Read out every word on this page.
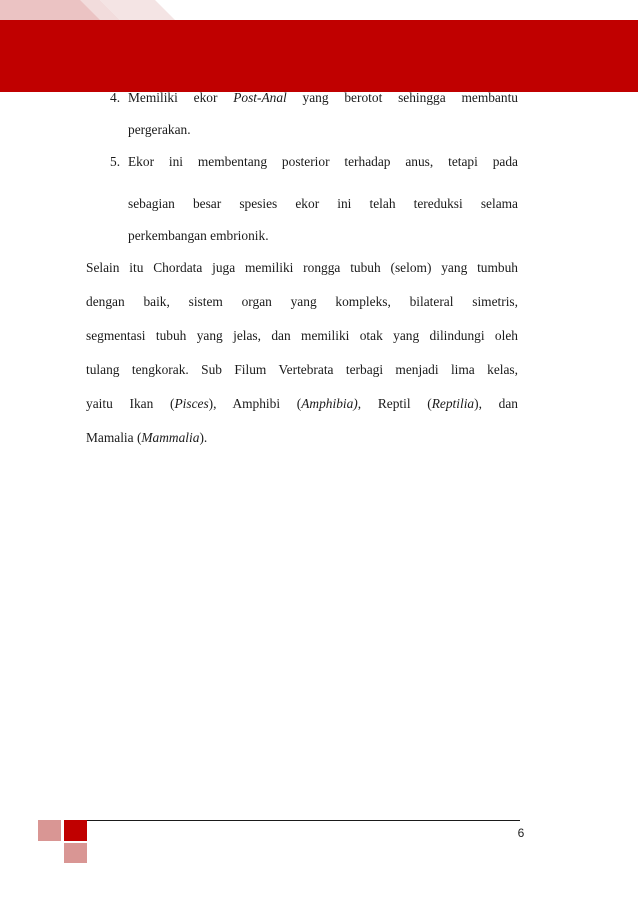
4. Memiliki ekor Post-Anal yang berotot sehingga membantu
pergerakan.
5. Ekor ini membentang posterior terhadap anus, tetapi pada
sebagian besar spesies ekor ini telah tereduksi selama
perkembangan embrionik.
Selain itu Chordata juga memiliki rongga tubuh (selom) yang tumbuh
dengan baik, sistem organ yang kompleks, bilateral simetris,
segmentasi tubuh yang jelas, dan memiliki otak yang dilindungi oleh
tulang tengkorak. Sub Filum Vertebrata terbagi menjadi lima kelas,
yaitu Ikan (Pisces), Amphibi (Amphibia), Reptil (Reptilia), dan
Mamalia (Mammalia).
6
